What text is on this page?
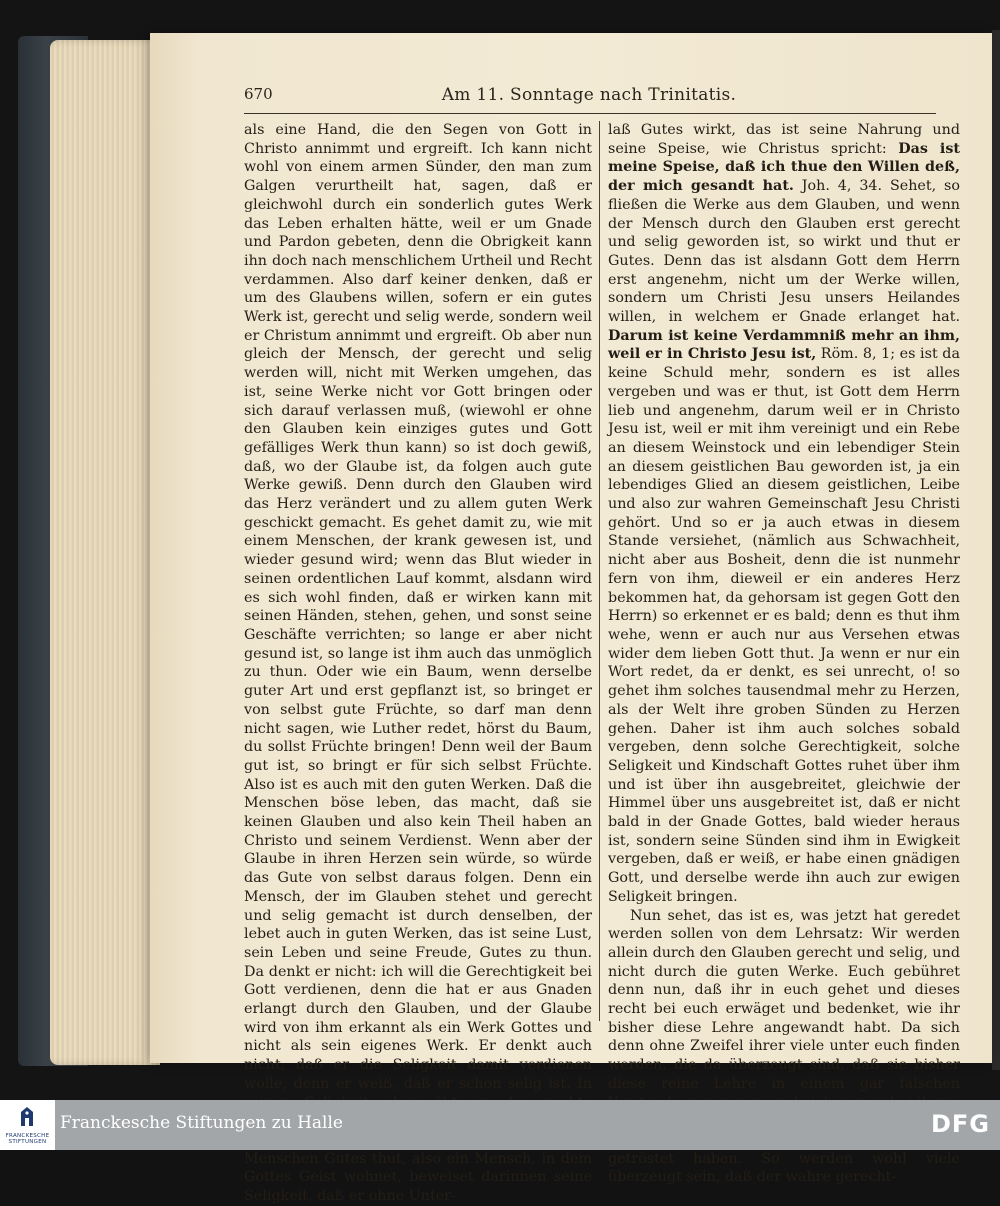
670	Am 11. Sonntage nach Trinitatis.

als eine Hand, die den Segen von Gott in Christo annimmt und ergreift. Ich kann nicht wohl von einem armen Sünder, den man zum Galgen verurtheilt hat, sagen, daß er gleichwohl durch ein sonderlich gutes Werk das Leben erhalten hätte, weil er um Gnade und Pardon gebeten, denn die Obrigkeit kann ihn doch nach menschlichem Urtheil und Recht verdammen. Also darf keiner denken, daß er um des Glaubens willen, sofern er ein gutes Werk ist, gerecht und selig werde, sondern weil er Christum annimmt und ergreift. Ob aber nun gleich der Mensch, der gerecht und selig werden will, nicht mit Werken umgehen, das ist, seine Werke nicht vor Gott bringen oder sich darauf verlassen muß, (wiewohl er ohne den Glauben kein einziges gutes und Gott gefälliges Werk thun kann) so ist doch gewiß, daß, wo der Glaube ist, da folgen auch gute Werke gewiß. Denn durch den Glauben wird das Herz verändert und zu allem guten Werk geschickt gemacht. Es gehet damit zu, wie mit einem Menschen, der krank gewesen ist, und wieder gesund wird; wenn das Blut wieder in seinen ordentlichen Lauf kommt, alsdann wird es sich wohl finden, daß er wirken kann mit seinen Händen, stehen, gehen, und sonst seine Geschäfte verrichten; so lange er aber nicht gesund ist, so lange ist ihm auch das unmöglich zu thun. Oder wie ein Baum, wenn derselbe guter Art und erst gepflanzt ist, so bringet er von selbst gute Früchte, so darf man denn nicht sagen, wie Luther redet, hörst du Baum, du sollst Früchte bringen! Denn weil der Baum gut ist, so bringt er für sich selbst Früchte. Also ist es auch mit den guten Werken. Daß die Menschen böse leben, das macht, daß sie keinen Glauben und also kein Theil haben an Christo und seinem Verdienst. Wenn aber der Glaube in ihren Herzen sein würde, so würde das Gute von selbst daraus folgen. Denn ein Mensch, der im Glauben stehet und gerecht und selig gemacht ist durch denselben, der lebet auch in guten Werken, das ist seine Lust, sein Leben und seine Freude, Gutes zu thun. Da denkt er nicht: ich will die Gerechtigkeit bei Gott verdienen, denn die hat er aus Gnaden erlangt durch den Glauben, und der Glaube wird von ihm erkannt als ein Werk Gottes und nicht als sein eigenes Werk. Er denkt auch nicht, daß er die Seligkeit damit verdienen wolle, denn er weiß, daß er schon selig ist. In Menschen Gutes thut, also ein Mensch, in dem Gottes Geist wohnet, beweiset darinnen seine Seligkeit, daß er ohne Unter-

laß Gutes wirkt, das ist seine Nahrung und seine Speise, wie Christus spricht: Das ist meine Speise, daß ich thue den Willen deß, der mich gesandt hat. Joh. 4, 34. Sehet, so fließen die Werke aus dem Glauben, und wenn der Mensch durch den Glauben erst gerecht und selig geworden ist, so wirkt und thut er Gutes. Denn das ist alsdann Gott dem Herrn erst angenehm, nicht um der Werke willen, sondern um Christi Jesu unsers Heilandes willen, in welchem er Gnade erlanget hat. Darum ist keine Verdammniß mehr an ihm, weil er in Christo Jesu ist, Röm. 8, 1; es ist da keine Schuld mehr, sondern es ist alles vergeben und was er thut, ist Gott dem Herrn lieb und angenehm, darum weil er in Christo Jesu ist, weil er mit ihm vereinigt und ein Rebe an diesem Weinstock und ein lebendiger Stein an diesem geistlichen Bau geworden ist, ja ein lebendiges Glied an diesem geistlichen, Leibe und also zur wahren Gemeinschaft Jesu Christi gehört. Und so er ja auch etwas in diesem Stande versiehet, (nämlich aus Schwachheit, nicht aber aus Bosheit, denn die ist nunmehr fern von ihm, dieweil er ein anderes Herz bekommen hat, da gehorsam ist gegen Gott den Herrn) so erkennet er es bald; denn es thut ihm wehe, wenn er auch nur aus Versehen etwas wider dem lieben Gott thut. Ja wenn er nur ein Wort redet, da er denkt, es sei unrecht, o! so gehet ihm solches tausendmal mehr zu Herzen, als der Welt ihre groben Sünden zu Herzen gehen. Daher ist ihm auch solches sobald vergeben, denn solche Gerechtigkeit, solche Seligkeit und Kindschaft Gottes ruhet über ihm und ist über ihn ausgebreitet, gleichwie der Himmel über uns ausgebreitet ist, daß er nicht bald in der Gnade Gottes, bald wieder heraus ist, sondern seine Sünden sind ihm in Ewigkeit vergeben, daß er weiß, er habe einen gnädigen Gott, und derselbe werde ihn auch zur ewigen Seligkeit bringen.

Nun sehet, das ist es, was jetzt hat geredet werden sollen von dem Lehrsatz: Wir werden allein durch den Glauben gerecht und selig, und nicht durch die guten Werke. Euch gebühret denn nun, daß ihr in euch gehet und dieses recht bei euch erwäget und bedenket, wie ihr bisher diese Lehre angewandt habt. Da sich denn ohne Zweifel ihrer viele unter euch finden werden, die da überzeugt sind, daß sie bisher diese reine Lehre in einem gar falschen getröstet haben. So werden wohl viele überzeugt sein, daß der wahre gerecht-

FRANCKESCHE
STIFTUNGEN
Franckesche Stiftungen zu Halle	DFG
